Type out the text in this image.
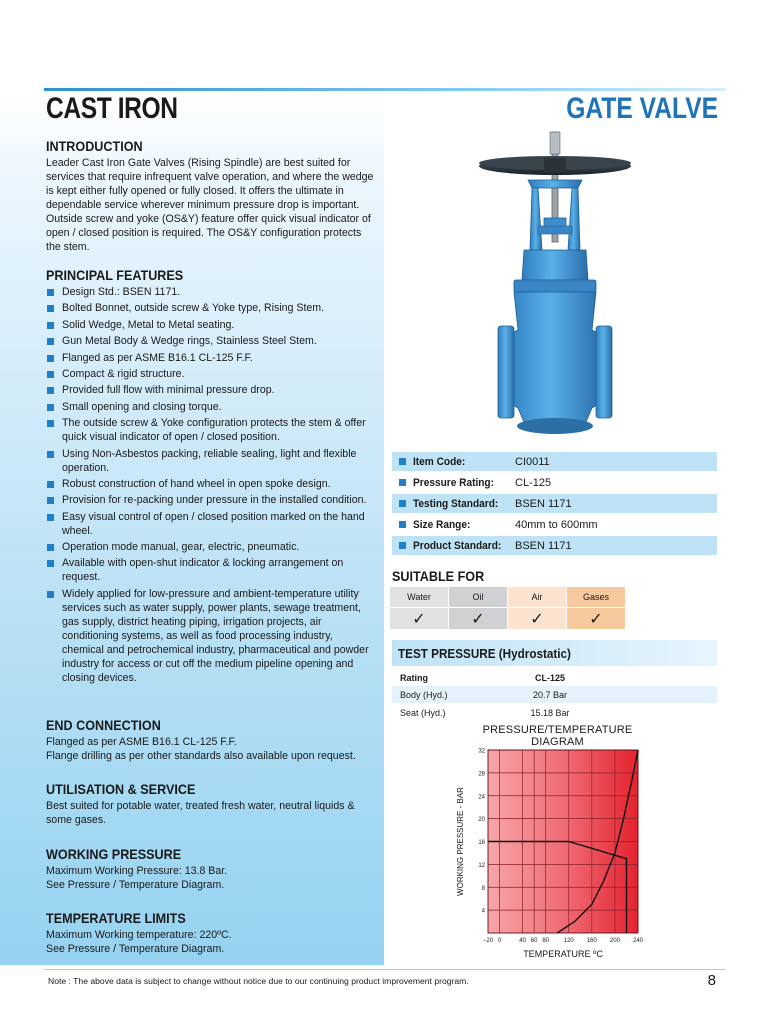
CAST IRON	GATE VALVE
INTRODUCTION

Leader Cast Iron Gate Valves (Rising Spindle) are best suited for services that require infrequent valve operation, and where the wedge is kept either fully opened or fully closed. It offers the ultimate in dependable service wherever minimum pressure drop is important. Outside screw and yoke (OS&Y) feature offer quick visual indicator of open / closed position is required. The OS&Y configuration protects the stem.

PRINCIPAL FEATURES
Design Std.: BSEN 1171.
Bolted Bonnet, outside screw & Yoke type, Rising Stem.
Solid Wedge, Metal to Metal seating.
Gun Metal Body & Wedge rings, Stainless Steel Stem.
Flanged as per ASME B16.1 CL-125 F.F.
Compact & rigid structure.
Provided full flow with minimal pressure drop.
Small opening and closing torque.
The outside screw & Yoke configuration protects the stem & offer quick visual indicator of open / closed position.
Using Non-Asbestos packing, reliable sealing, light and flexible operation.
Robust construction of hand wheel in open spoke design.
Provision for re-packing under pressure in the installed condition.
Easy visual control of open / closed position marked on the hand wheel.
Operation mode manual, gear, electric, pneumatic.
Available with open-shut indicator & locking arrangement on request.
Widely applied for low-pressure and ambient-temperature utility services such as water supply, power plants, sewage treatment, gas supply, district heating piping, irrigation projects, air conditioning systems, as well as food processing industry, chemical and petrochemical industry, pharmaceutical and powder industry for access or cut off the medium pipeline opening and closing devices.
END CONNECTION

Flanged as per ASME B16.1 CL-125 F.F.

Flange drilling as per other standards also available upon request.

UTILISATION & SERVICE

Best suited for potable water, treated fresh water, neutral liquids & some gases.

WORKING PRESSURE

Maximum Working Pressure: 13.8 Bar.

See Pressure / Temperature Diagram.

TEMPERATURE LIMITS

Maximum Working temperature: 220ºC.

See Pressure / Temperature Diagram.

Item Code:	CI0011
Pressure Rating:	CL-125
Testing Standard:	BSEN 1171
Size Range:	40mm to 600mm
Product Standard:	BSEN 1171
SUITABLE FOR
Water	Oil	Air	Gases
✓	✓	✓	✓
TEST PRESSURE (Hydrostatic)
Rating	CL-125
Body (Hyd.)	20.7 Bar
Seat (Hyd.)	15.18 Bar
PRESSURE/TEMPERATURE DIAGRAM
4
8
12
16
20
24
28
32
−20 0	40 60 80 120 160 200 240
WORKING PRESSURE - BAR
TEMPERATURE ºC
Note : The above data is subject to change without notice due to our continuing product improvement program.	8
